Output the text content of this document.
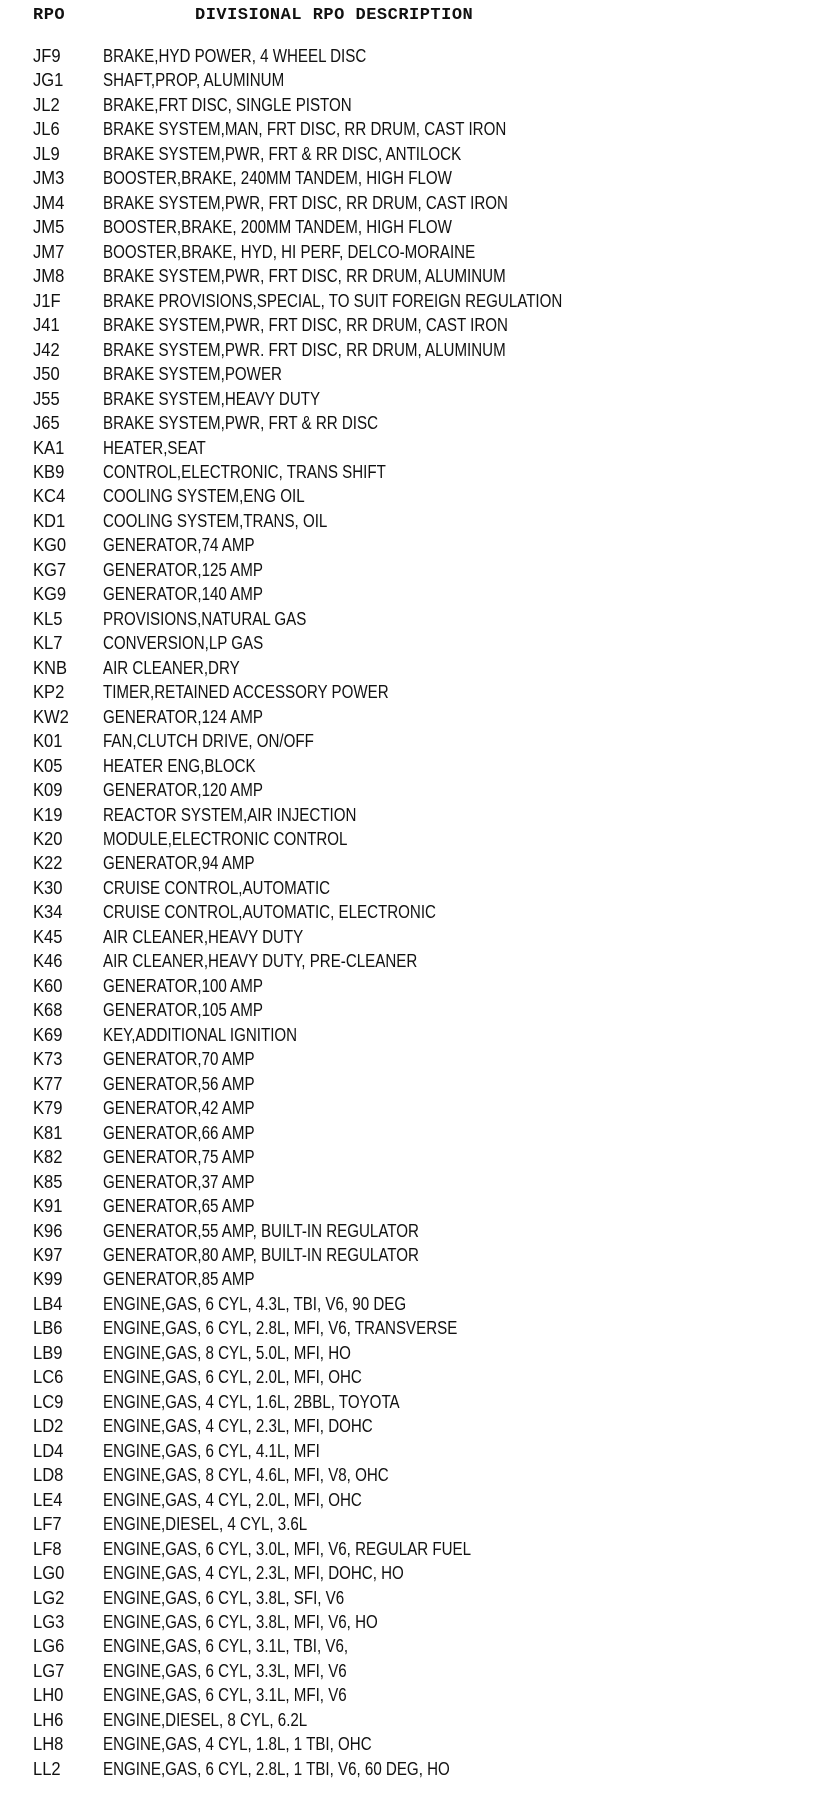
RPO	DIVISIONAL RPO DESCRIPTION
JF9	BRAKE,HYD POWER, 4 WHEEL DISC
JG1	SHAFT,PROP, ALUMINUM
JL2	BRAKE,FRT DISC, SINGLE PISTON
JL6	BRAKE SYSTEM,MAN, FRT DISC, RR DRUM, CAST IRON
JL9	BRAKE SYSTEM,PWR, FRT & RR DISC, ANTILOCK
JM3	BOOSTER,BRAKE, 240MM TANDEM, HIGH FLOW
JM4	BRAKE SYSTEM,PWR, FRT DISC, RR DRUM, CAST IRON
JM5	BOOSTER,BRAKE, 200MM TANDEM, HIGH FLOW
JM7	BOOSTER,BRAKE, HYD, HI PERF, DELCO-MORAINE
JM8	BRAKE SYSTEM,PWR, FRT DISC, RR DRUM, ALUMINUM
J1F	BRAKE PROVISIONS,SPECIAL, TO SUIT FOREIGN REGULATION
J41	BRAKE SYSTEM,PWR, FRT DISC, RR DRUM, CAST IRON
J42	BRAKE SYSTEM,PWR. FRT DISC, RR DRUM, ALUMINUM
J50	BRAKE SYSTEM,POWER
J55	BRAKE SYSTEM,HEAVY DUTY
J65	BRAKE SYSTEM,PWR, FRT & RR DISC
KA1	HEATER,SEAT
KB9	CONTROL,ELECTRONIC, TRANS SHIFT
KC4	COOLING SYSTEM,ENG OIL
KD1	COOLING SYSTEM,TRANS, OIL
KG0	GENERATOR,74 AMP
KG7	GENERATOR,125 AMP
KG9	GENERATOR,140 AMP
KL5	PROVISIONS,NATURAL GAS
KL7	CONVERSION,LP GAS
KNB	AIR CLEANER,DRY
KP2	TIMER,RETAINED ACCESSORY POWER
KW2	GENERATOR,124 AMP
K01	FAN,CLUTCH DRIVE, ON/OFF
K05	HEATER ENG,BLOCK
K09	GENERATOR,120 AMP
K19	REACTOR SYSTEM,AIR INJECTION
K20	MODULE,ELECTRONIC CONTROL
K22	GENERATOR,94 AMP
K30	CRUISE CONTROL,AUTOMATIC
K34	CRUISE CONTROL,AUTOMATIC, ELECTRONIC
K45	AIR CLEANER,HEAVY DUTY
K46	AIR CLEANER,HEAVY DUTY, PRE-CLEANER
K60	GENERATOR,100 AMP
K68	GENERATOR,105 AMP
K69	KEY,ADDITIONAL IGNITION
K73	GENERATOR,70 AMP
K77	GENERATOR,56 AMP
K79	GENERATOR,42 AMP
K81	GENERATOR,66 AMP
K82	GENERATOR,75 AMP
K85	GENERATOR,37 AMP
K91	GENERATOR,65 AMP
K96	GENERATOR,55 AMP, BUILT-IN REGULATOR
K97	GENERATOR,80 AMP, BUILT-IN REGULATOR
K99	GENERATOR,85 AMP
LB4	ENGINE,GAS, 6 CYL, 4.3L, TBI, V6, 90 DEG
LB6	ENGINE,GAS, 6 CYL, 2.8L, MFI, V6, TRANSVERSE
LB9	ENGINE,GAS, 8 CYL, 5.0L, MFI, HO
LC6	ENGINE,GAS, 6 CYL, 2.0L, MFI, OHC
LC9	ENGINE,GAS, 4 CYL, 1.6L, 2BBL, TOYOTA
LD2	ENGINE,GAS, 4 CYL, 2.3L, MFI, DOHC
LD4	ENGINE,GAS, 6 CYL, 4.1L, MFI
LD8	ENGINE,GAS, 8 CYL, 4.6L, MFI, V8, OHC
LE4	ENGINE,GAS, 4 CYL, 2.0L, MFI, OHC
LF7	ENGINE,DIESEL, 4 CYL, 3.6L
LF8	ENGINE,GAS, 6 CYL, 3.0L, MFI, V6, REGULAR FUEL
LG0	ENGINE,GAS, 4 CYL, 2.3L, MFI, DOHC, HO
LG2	ENGINE,GAS, 6 CYL, 3.8L, SFI, V6
LG3	ENGINE,GAS, 6 CYL, 3.8L, MFI, V6, HO
LG6	ENGINE,GAS, 6 CYL, 3.1L, TBI, V6,
LG7	ENGINE,GAS, 6 CYL, 3.3L, MFI, V6
LH0	ENGINE,GAS, 6 CYL, 3.1L, MFI, V6
LH6	ENGINE,DIESEL, 8 CYL, 6.2L
LH8	ENGINE,GAS, 4 CYL, 1.8L, 1 TBI, OHC
LL2	ENGINE,GAS, 6 CYL, 2.8L, 1 TBI, V6, 60 DEG, HO
